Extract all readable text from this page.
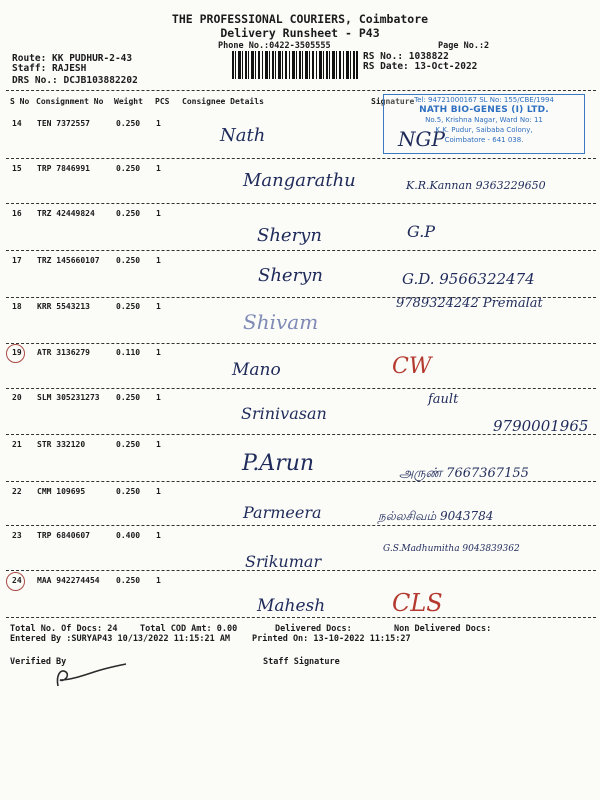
THE PROFESSIONAL COURIERS, Coimbatore
Delivery Runsheet - P43
Phone No.:0422-3505555	Page No.:2
Route: KK PUDHUR-2-43
Staff: RAJESH
DRS No.: DCJB103882202
RS No.: 1038822
RS Date: 13-Oct-2022
S No Consignment No Weight PCS Consignee Details	Signature Tel: 94721000167 SL No: 155/CBE/1994
NATH BIO-GENES (I) LTD.
No.5, Krishna Nagar, Ward No: 11
K.K. Pudur, Saibaba Colony,
Coimbatore - 641 038.
14 TEN 7372557	0.250 1
Nath	NGP
15 TRP 7846991	0.250 1
Mangarathu	K.R.Kannan 9363229650
16 TRZ 42449824	0.250 1
Sheryn	G.P
17 TRZ 145660107 0.250 1
Sheryn	G.D. 9566322474
18 KRR 5543213	0.250 1
Shivam
9789324242 Premalat
19 ATR 3136279	0.110 1
Mano	CW
20 SLM 305231273 0.250 1
Srinivasan
fault
9790001965
21 STR 332120	0.250 1
P.Arun	அருண் 7667367155
22 CMM 109695	0.250 1
Parmeera	நல்லசிவம் 9043784
23 TRP 6840607	0.400 1
Srikumar
G.S.Madhumitha 9043839362
24 MAA 942274454 0.250 1
Mahesh	CLS
Total No. Of Docs: 24	Total COD Amt: 0.00	Delivered Docs:	Non Delivered Docs:
Entered By :SURYAP43 10/13/2022 11:15:21 AM	Printed On: 13-10-2022 11:15:27
Staff Signature
Verified By
